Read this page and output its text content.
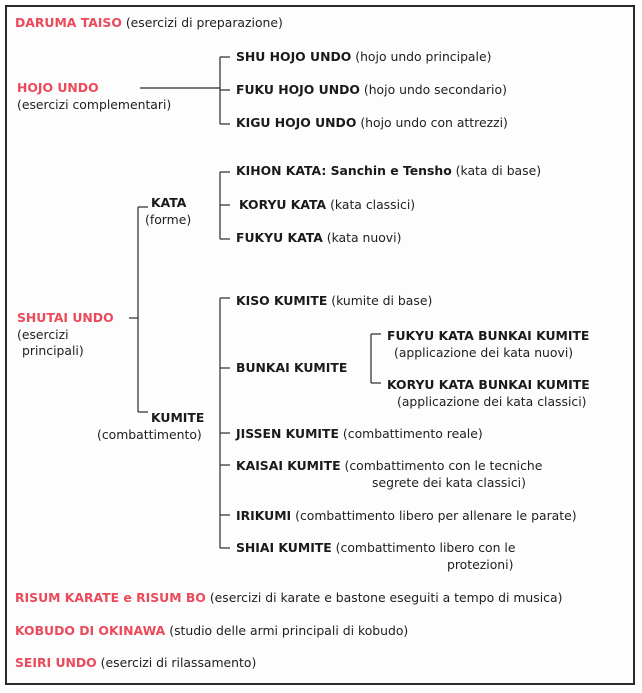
DARUMA TAISO (esercizi di preparazione)
HOJO UNDO
(esercizi complementari)
SHU HOJO UNDO (hojo undo principale)
FUKU HOJO UNDO (hojo undo secondario)
KIGU HOJO UNDO (hojo undo con attrezzi)
SHUTAI UNDO
(esercizi
principali)
KATA
(forme)
KIHON KATA: Sanchin e Tensho (kata di base)
KORYU KATA (kata classici)
FUKYU KATA (kata nuovi)
KUMITE
(combattimento)
KISO KUMITE (kumite di base)
BUNKAI KUMITE
FUKYU KATA BUNKAI KUMITE
(applicazione dei kata nuovi)
KORYU KATA BUNKAI KUMITE
(applicazione dei kata classici)
JISSEN KUMITE (combattimento reale)
KAISAI KUMITE (combattimento con le tecniche
segrete dei kata classici)
IRIKUMI (combattimento libero per allenare le parate)
SHIAI KUMITE (combattimento libero con le
protezioni)
RISUM KARATE e RISUM BO (esercizi di karate e bastone eseguiti a tempo di musica)
KOBUDO DI OKINAWA (studio delle armi principali di kobudo)
SEIRI UNDO (esercizi di rilassamento)
